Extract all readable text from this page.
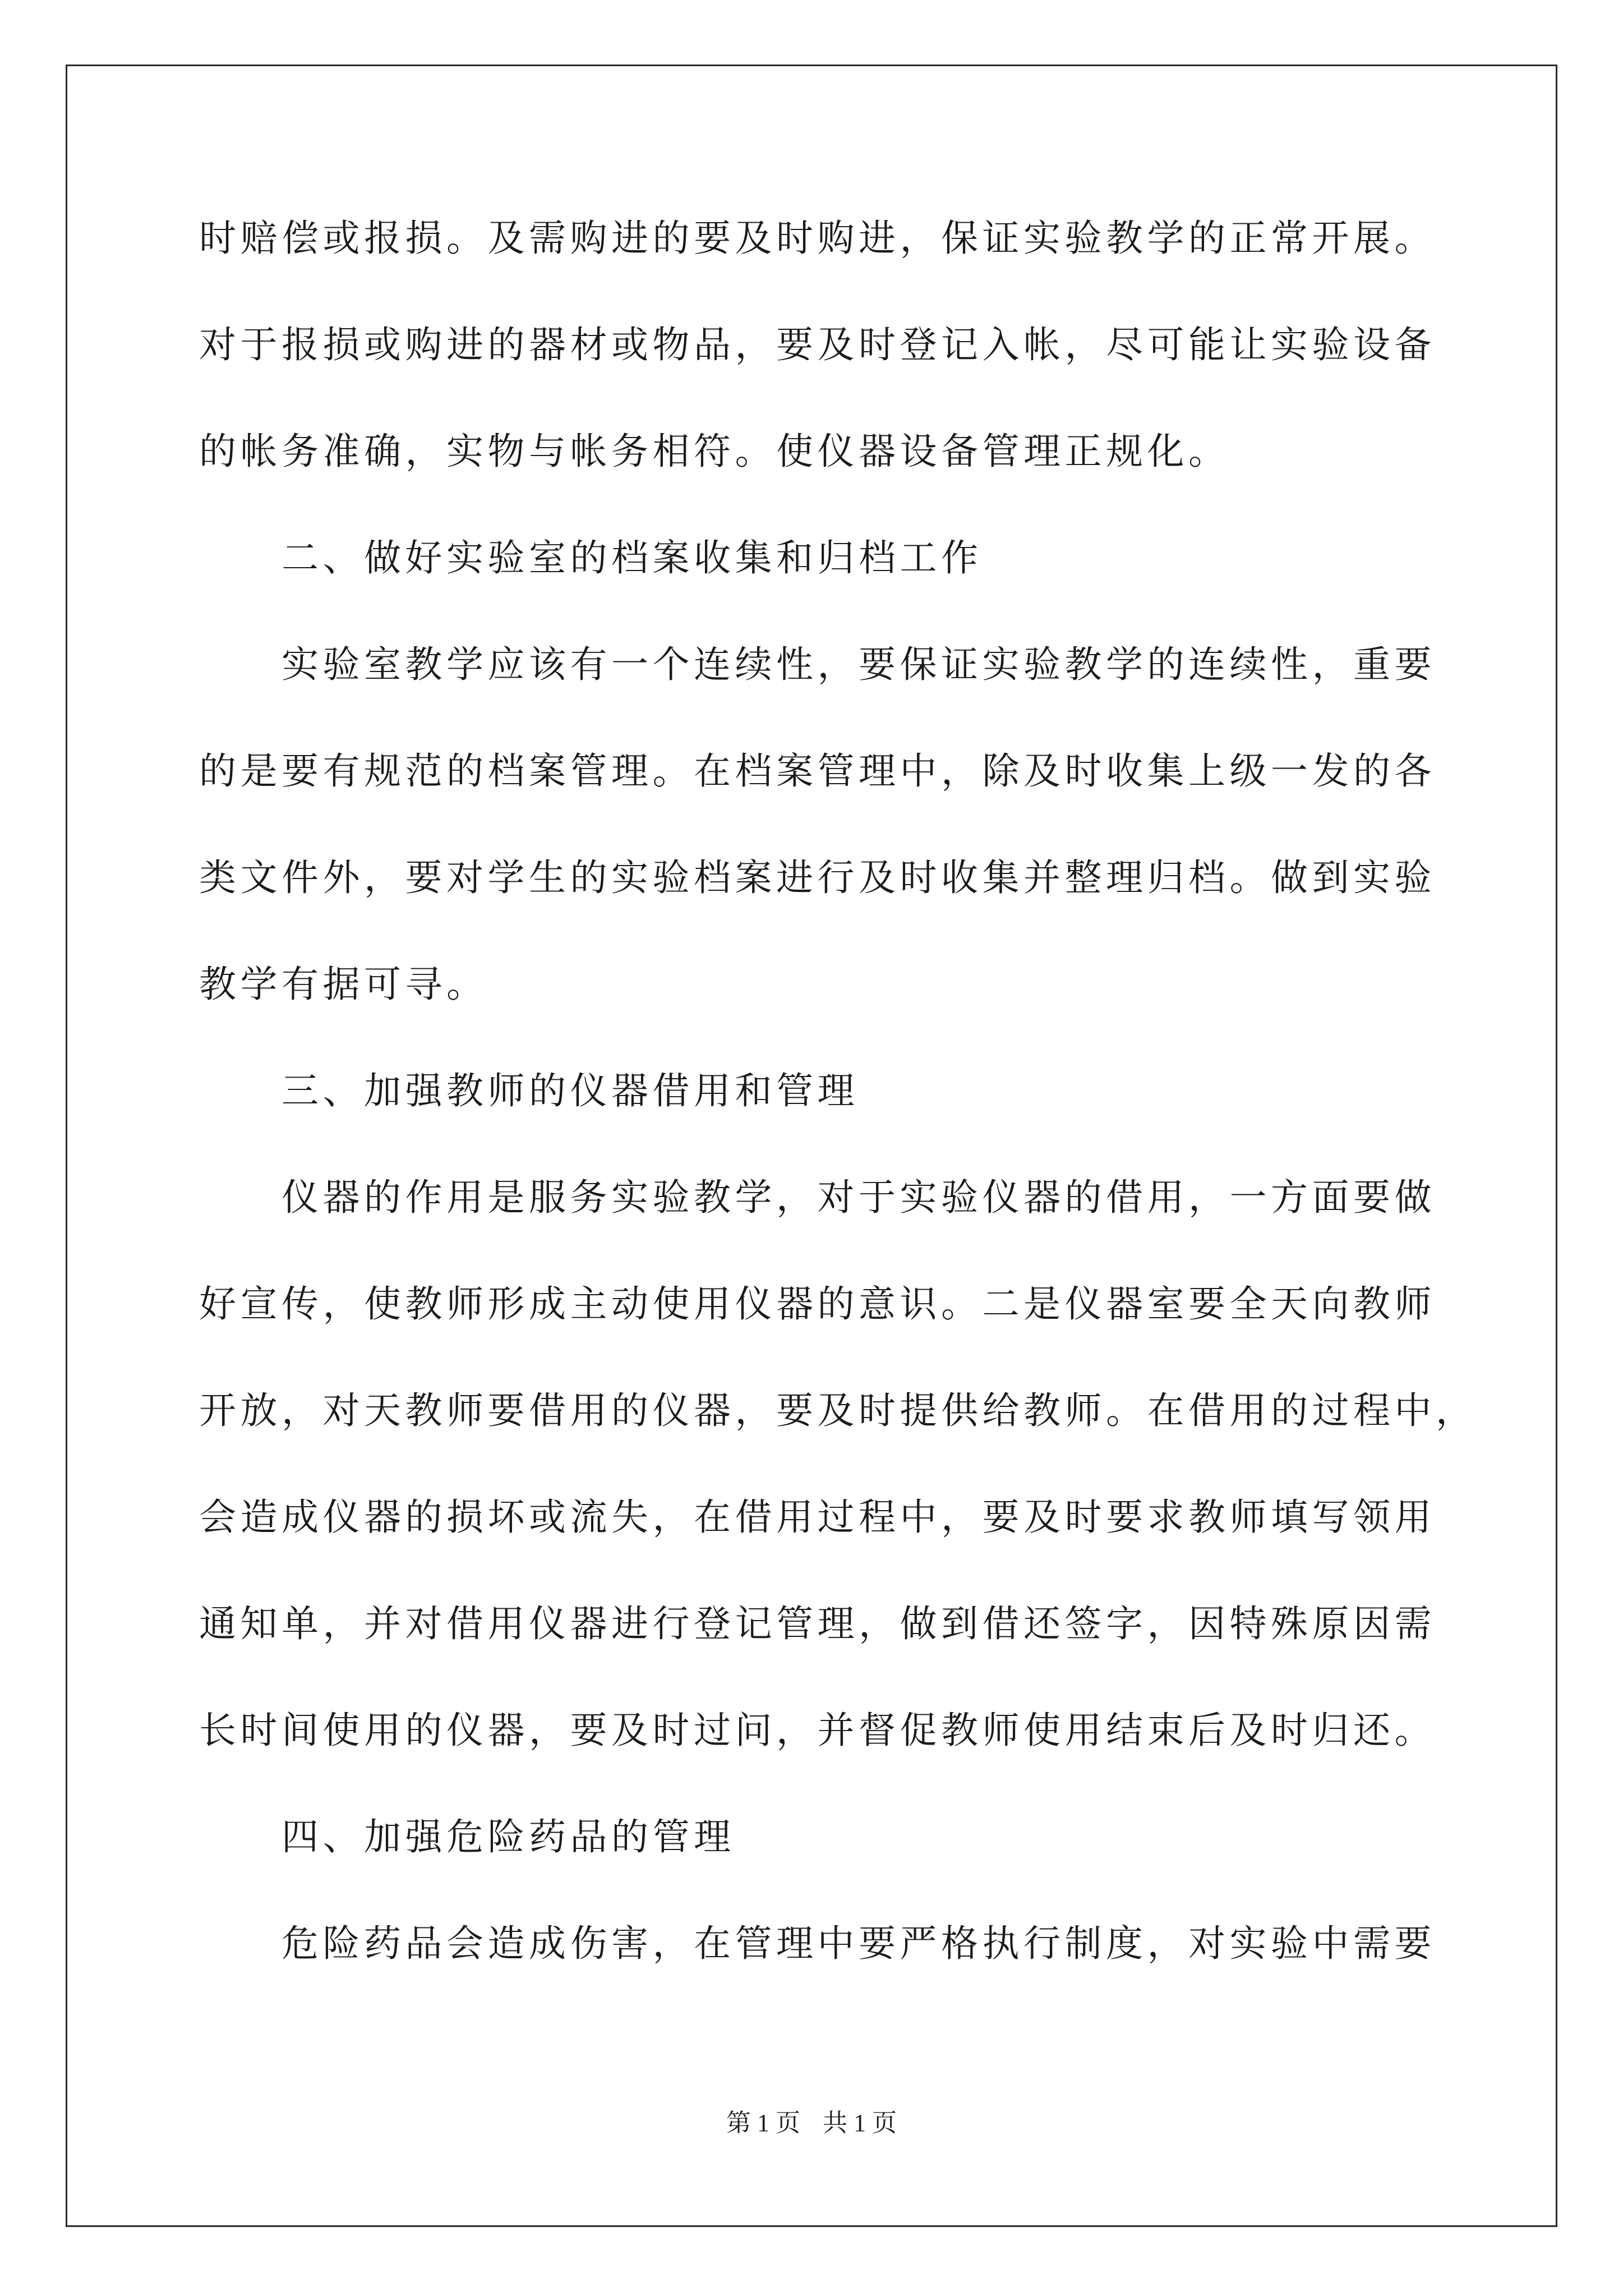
时赔偿或报损。及需购进的要及时购进，保证实验教学的正常开展。
对于报损或购进的器材或物品，要及时登记入帐，尽可能让实验设备
的帐务准确，实物与帐务相符。使仪器设备管理正规化。
二、做好实验室的档案收集和归档工作
实验室教学应该有一个连续性，要保证实验教学的连续性，重要
的是要有规范的档案管理。在档案管理中，除及时收集上级一发的各
类文件外，要对学生的实验档案进行及时收集并整理归档。做到实验
教学有据可寻。
三、加强教师的仪器借用和管理
仪器的作用是服务实验教学，对于实验仪器的借用，一方面要做
好宣传，使教师形成主动使用仪器的意识。二是仪器室要全天向教师
开放，对天教师要借用的仪器，要及时提供给教师。在借用的过程中，
会造成仪器的损坏或流失，在借用过程中，要及时要求教师填写领用
通知单，并对借用仪器进行登记管理，做到借还签字，因特殊原因需
长时间使用的仪器，要及时过问，并督促教师使用结束后及时归还。
四、加强危险药品的管理
危险药品会造成伤害，在管理中要严格执行制度，对实验中需要
第 1 页 共 1 页
